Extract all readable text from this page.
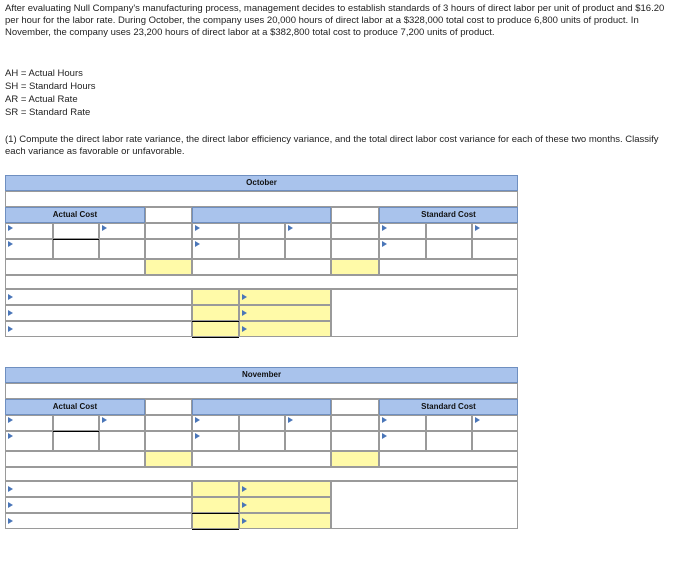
After evaluating Null Company's manufacturing process, management decides to establish standards of 3 hours of direct labor per unit of product and $16.20 per hour for the labor rate. During October, the company uses 20,000 hours of direct labor at a $328,000 total cost to produce 6,800 units of product. In November, the company uses 23,200 hours of direct labor at a $382,800 total cost to produce 7,200 units of product.
AH = Actual Hours
SH = Standard Hours
AR = Actual Rate
SR = Standard Rate
(1) Compute the direct labor rate variance, the direct labor efficiency variance, and the total direct labor cost variance for each of these two months. Classify each variance as favorable or unfavorable.
October
Actual Cost	Standard Cost
November
Actual Cost	Standard Cost
